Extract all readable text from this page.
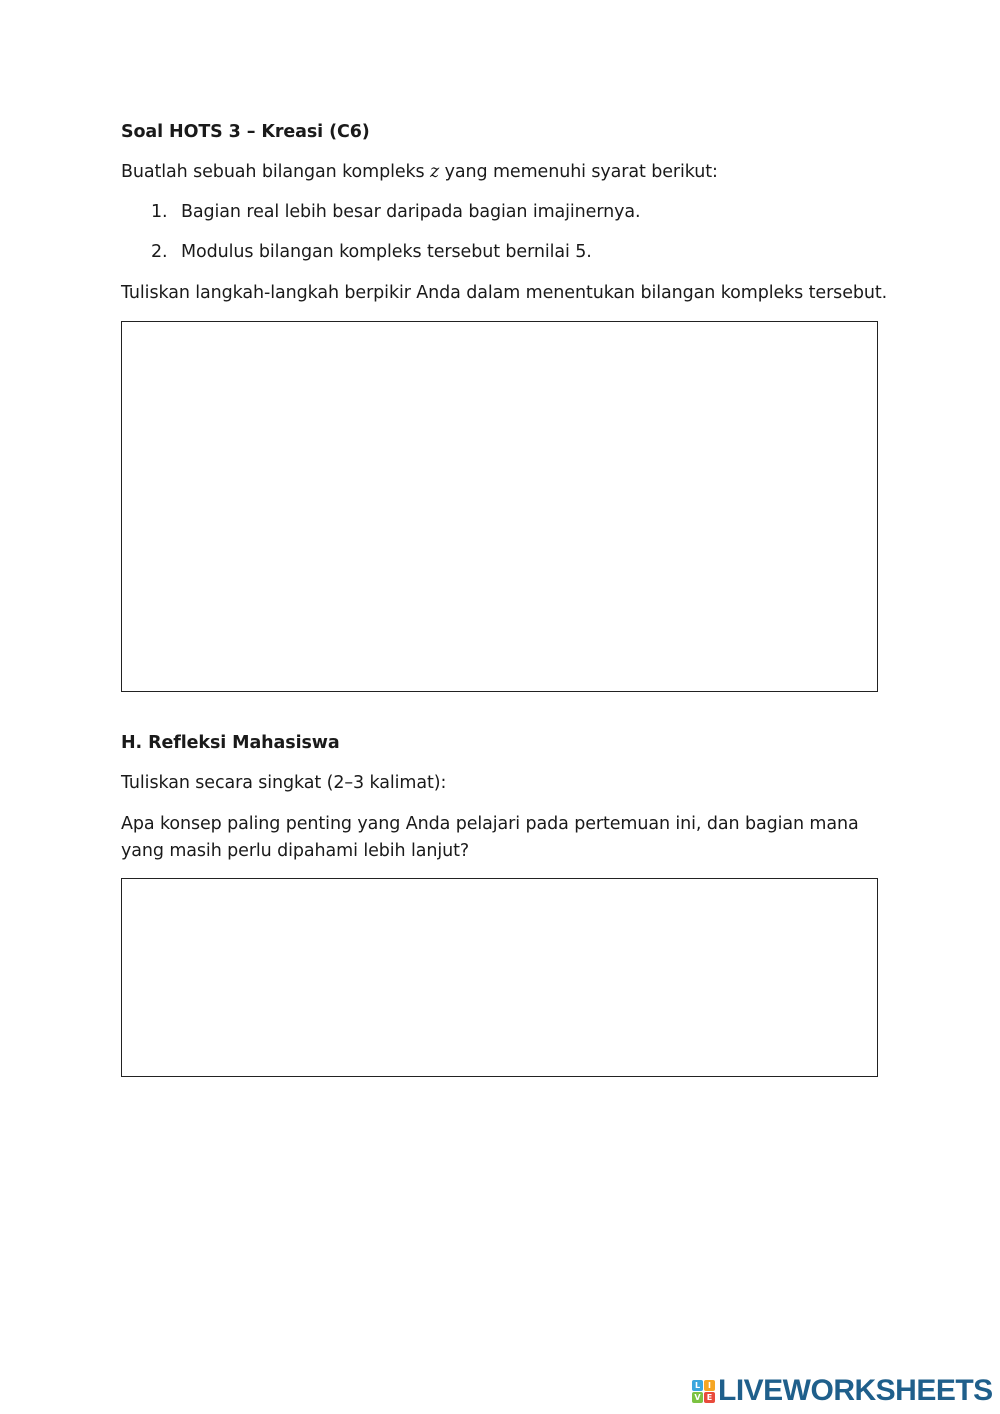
Soal HOTS 3 – Kreasi (C6)
Buatlah sebuah bilangan kompleks z yang memenuhi syarat berikut:
1. Bagian real lebih besar daripada bagian imajinernya.
2. Modulus bilangan kompleks tersebut bernilai 5.
Tuliskan langkah-langkah berpikir Anda dalam menentukan bilangan kompleks tersebut.
H. Refleksi Mahasiswa
Tuliskan secara singkat (2–3 kalimat):
Apa konsep paling penting yang Anda pelajari pada pertemuan ini, dan bagian mana yang masih perlu dipahami lebih lanjut?
L I
V E LIVEWORKSHEETS
